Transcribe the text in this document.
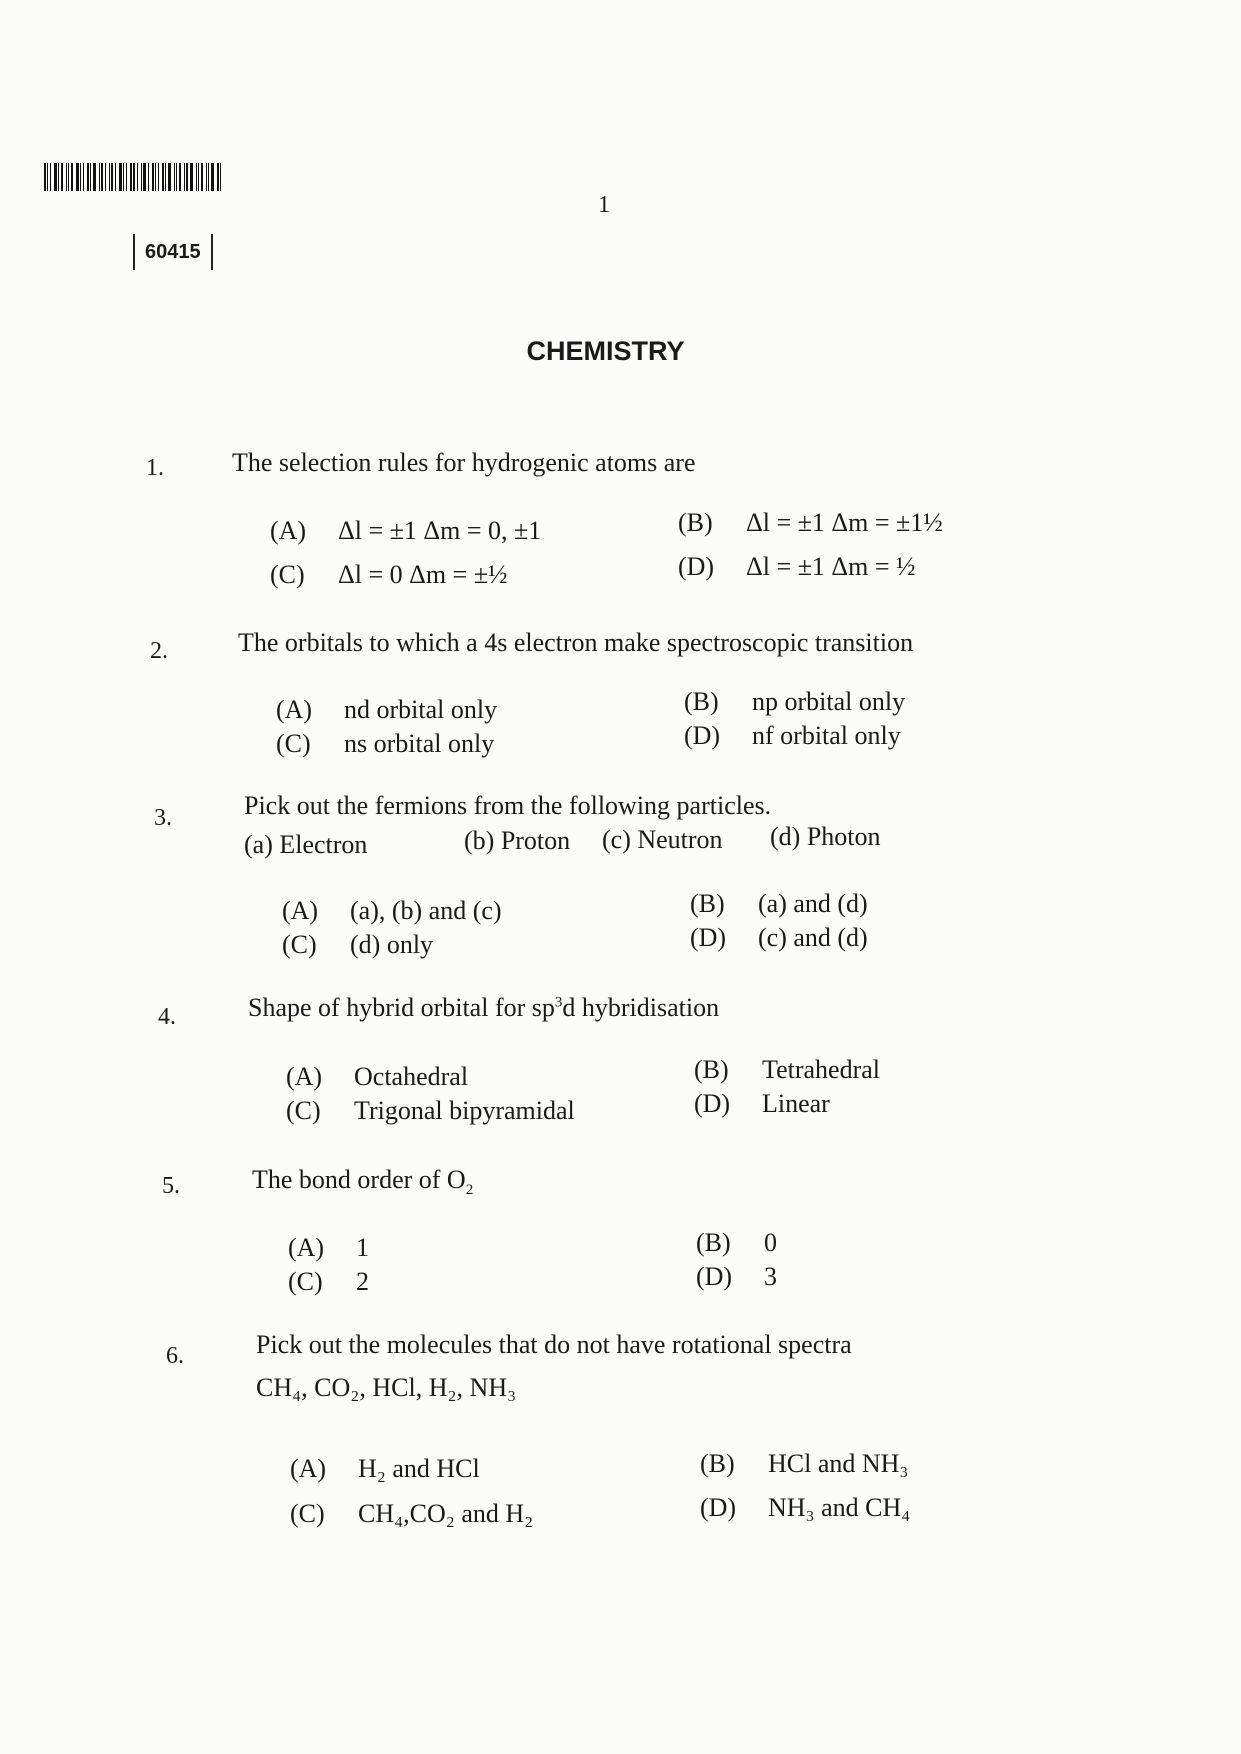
1
60415
CHEMISTRY
1.	The selection rules for hydrogenic atoms are
(A) Δl = ±1 Δm = 0, ±1	(B) Δl = ±1 Δm = ±1½
(C) Δl = 0 Δm = ±½	(D) Δl = ±1 Δm = ½
2.	The orbitals to which a 4s electron make spectroscopic transition
(A) nd orbital only	(B) np orbital only
(C) ns orbital only	(D) nf orbital only
3.	Pick out the fermions from the following particles.
(a) Electron	(b) Proton (c) Neutron (d) Photon
(A) (a), (b) and (c)	(B) (a) and (d)
(C) (d) only	(D) (c) and (d)
4.	Shape of hybrid orbital for $sp^3d$ hybridisation
(A) Octahedral	(B) Tetrahedral
(C) Trigonal bipyramidal	(D) Linear
5.	The bond order of $O_2$
(A) 1	(B) 0
(C) 2	(D) 3
6.	Pick out the molecules that do not have rotational spectra
CH₄, CO₂, HCl, H₂, NH₃
(A) H₂ and HCl	(B) HCl and NH₃
(C) CH₄,CO₂ and H₂	(D) NH₃ and CH₄
